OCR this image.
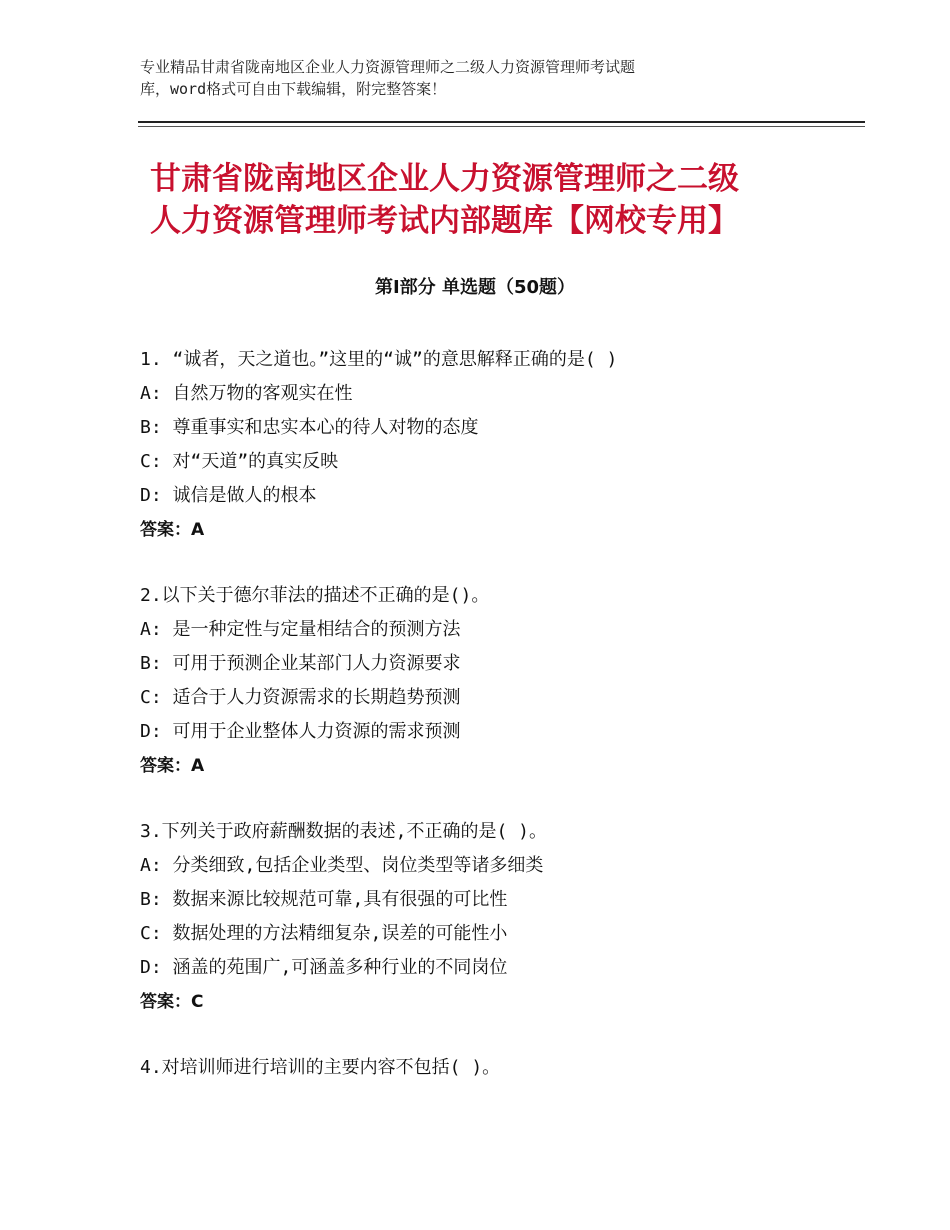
专业精品甘肃省陇南地区企业人力资源管理师之二级人力资源管理师考试题
库，word格式可自由下载编辑，附完整答案！
甘肃省陇南地区企业人力资源管理师之二级
人力资源管理师考试内部题库【网校专用】
第Ⅰ部分 单选题（50题）
1. “诚者，天之道也。”这里的“诚”的意思解释正确的是( )
A: 自然万物的客观实在性
B: 尊重事实和忠实本心的待人对物的态度
C: 对“天道”的真实反映
D: 诚信是做人的根本
答案：A
2.以下关于德尔菲法的描述不正确的是()。
A: 是一种定性与定量相结合的预测方法
B: 可用于预测企业某部门人力资源要求
C: 适合于人力资源需求的长期趋势预测
D: 可用于企业整体人力资源的需求预测
答案：A
3.下列关于政府薪酬数据的表述,不正确的是( )。
A: 分类细致,包括企业类型、岗位类型等诸多细类
B: 数据来源比较规范可靠,具有很强的可比性
C: 数据处理的方法精细复杂,误差的可能性小
D: 涵盖的苑围广,可涵盖多种行业的不同岗位
答案：C
4.对培训师进行培训的主要内容不包括( )。
